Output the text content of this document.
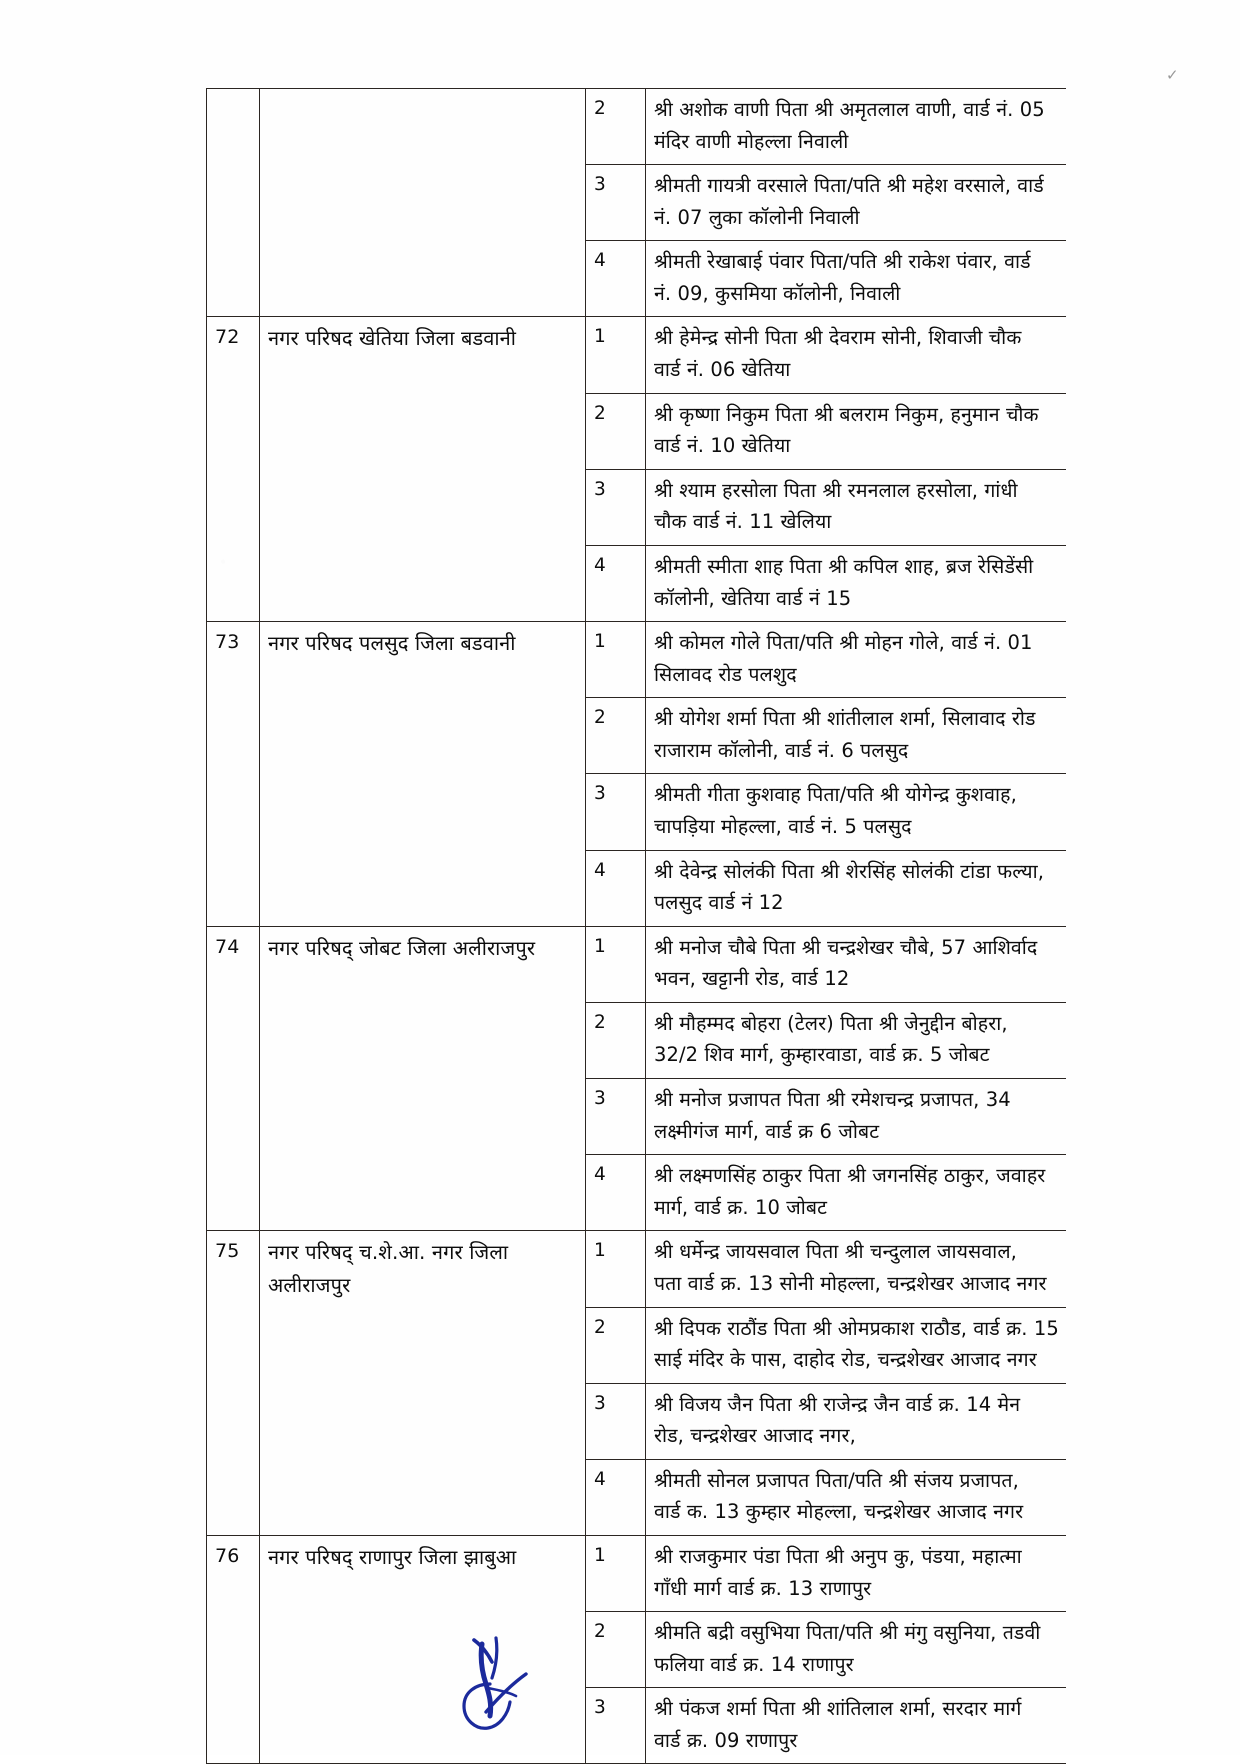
✓
		2	श्री अशोक वाणी पिता श्री अमृतलाल वाणी, वार्ड नं. 05
मंदिर वाणी मोहल्ला निवाली

		3	श्रीमती गायत्री वरसाले पिता/पति श्री महेश वरसाले, वार्ड
नं. 07 लुका कॉलोनी निवाली

		4	श्रीमती रेखाबाई पंवार पिता/पति श्री राकेश पंवार, वार्ड
नं. 09, कुसमिया कॉलोनी, निवाली

72	नगर परिषद खेतिया जिला बडवानी	1	श्री हेमेन्द्र सोनी पिता श्री देवराम सोनी, शिवाजी चौक
वार्ड नं. 06 खेतिया

		2	श्री कृष्णा निकुम पिता श्री बलराम निकुम, हनुमान चौक
वार्ड नं. 10 खेतिया

		3	श्री श्याम हरसोला पिता श्री रमनलाल हरसोला, गांधी
चौक वार्ड नं. 11 खेलिया

		4	श्रीमती स्मीता शाह पिता श्री कपिल शाह, ब्रज रेसिडेंसी
कॉलोनी, खेतिया वार्ड नं 15

73	नगर परिषद पलसुद जिला बडवानी	1	श्री कोमल गोले पिता/पति श्री मोहन गोले, वार्ड नं. 01
सिलावद रोड पलशुद

		2	श्री योगेश शर्मा पिता श्री शांतीलाल शर्मा, सिलावाद रोड
राजाराम कॉलोनी, वार्ड नं. 6 पलसुद

		3	श्रीमती गीता कुशवाह पिता/पति श्री योगेन्द्र कुशवाह,
चापड़िया मोहल्ला, वार्ड नं. 5 पलसुद

		4	श्री देवेन्द्र सोलंकी पिता श्री शेरसिंह सोलंकी टांडा फल्या,
पलसुद वार्ड नं 12

74	नगर परिषद् जोबट जिला अलीराजपुर	1	श्री मनोज चौबे पिता श्री चन्द्रशेखर चौबे, 57 आशिर्वाद
भवन, खट्टानी रोड, वार्ड 12

		2	श्री मौहम्मद बोहरा (टेलर) पिता श्री जेनुद्दीन बोहरा,
32/2 शिव मार्ग, कुम्हारवाडा, वार्ड क्र. 5 जोबट

		3	श्री मनोज प्रजापत पिता श्री रमेशचन्द्र प्रजापत, 34
लक्ष्मीगंज मार्ग, वार्ड क्र 6 जोबट

		4	श्री लक्ष्मणसिंह ठाकुर पिता श्री जगनसिंह ठाकुर, जवाहर
मार्ग, वार्ड क्र. 10 जोबट

75	नगर परिषद् च.शे.आ. नगर जिला अलीराजपुर	1	श्री धर्मेन्द्र जायसवाल पिता श्री चन्दुलाल जायसवाल,
पता वार्ड क्र. 13 सोनी मोहल्ला, चन्द्रशेखर आजाद नगर

		2	श्री दिपक राठौंड पिता श्री ओमप्रकाश राठौड, वार्ड क्र. 15
साई मंदिर के पास, दाहोद रोड, चन्द्रशेखर आजाद नगर

		3	श्री विजय जैन पिता श्री राजेन्द्र जैन वार्ड क्र. 14 मेन
रोड, चन्द्रशेखर आजाद नगर,

		4	श्रीमती सोनल प्रजापत पिता/पति श्री संजय प्रजापत,
वार्ड क. 13 कुम्हार मोहल्ला, चन्द्रशेखर आजाद नगर

76	नगर परिषद् राणापुर जिला झाबुआ	1	श्री राजकुमार पंडा पिता श्री अनुप कु, पंडया, महात्मा
गाँधी मार्ग वार्ड क्र. 13 राणापुर

		2	श्रीमति बद्री वसुभिया पिता/पति श्री मंगु वसुनिया, तडवी
फलिया वार्ड क्र. 14 राणापुर

		3	श्री पंकज शर्मा पिता श्री शांतिलाल शर्मा, सरदार मार्ग
वार्ड क्र. 09 राणापुर
